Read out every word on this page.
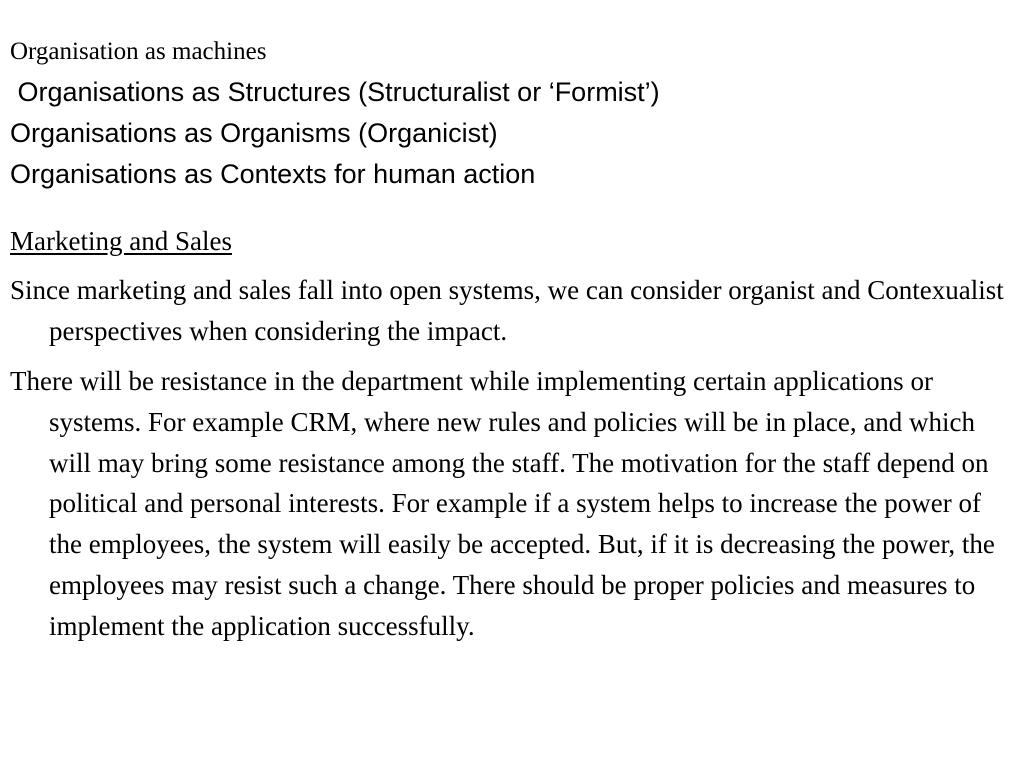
Organisation as machines
Organisations as Structures (Structuralist or ‘Formist’)
Organisations as Organisms (Organicist)
Organisations as Contexts for human action
Marketing and Sales

Since marketing and sales fall into open systems, we can consider organist and Contexualist perspectives when considering the impact.

There will be resistance in the department while implementing certain applications or systems. For example CRM, where new rules and policies will be in place, and which will may bring some resistance among the staff. The motivation for the staff depend on political and personal interests. For example if a system helps to increase the power of the employees, the system will easily be accepted. But, if it is decreasing the power, the employees may resist such a change. There should be proper policies and measures to implement the application successfully.
